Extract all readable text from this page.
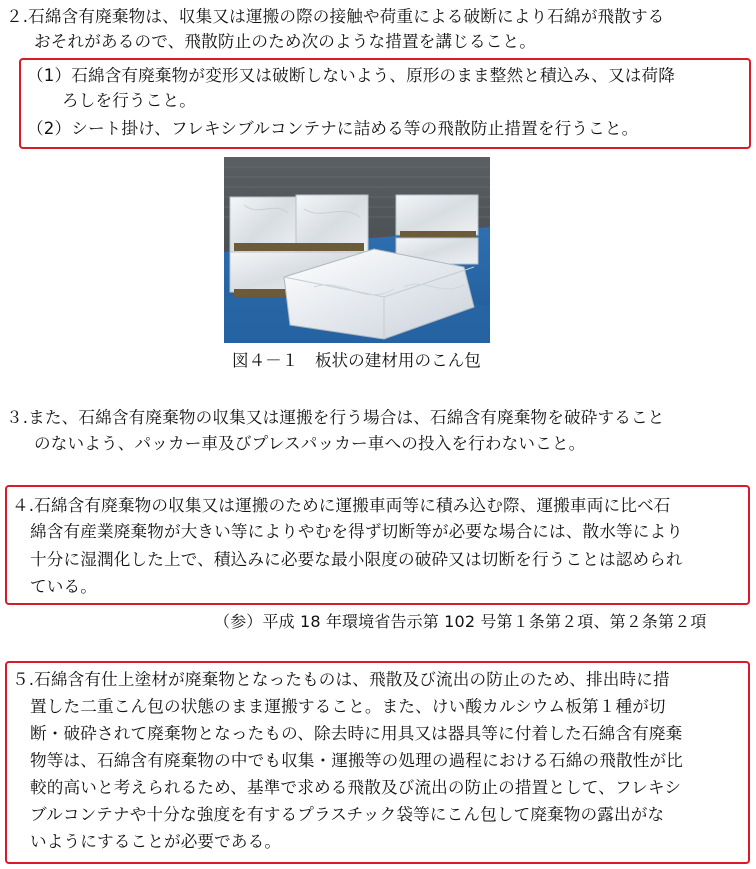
２.石綿含有廃棄物は、収集又は運搬の際の接触や荷重による破断により石綿が飛散する
おそれがあるので、飛散防止のため次のような措置を講じること。
（1）石綿含有廃棄物が変形又は破断しないよう、原形のまま整然と積込み、又は荷降
ろしを行うこと。
（2）シート掛け、フレキシブルコンテナに詰める等の飛散防止措置を行うこと。
図４－１　板状の建材用のこん包
３.また、石綿含有廃棄物の収集又は運搬を行う場合は、石綿含有廃棄物を破砕すること
のないよう、パッカー車及びプレスパッカー車への投入を行わないこと。
４.石綿含有廃棄物の収集又は運搬のために運搬車両等に積み込む際、運搬車両に比べ石
綿含有産業廃棄物が大きい等によりやむを得ず切断等が必要な場合には、散水等により
十分に湿潤化した上で、積込みに必要な最小限度の破砕又は切断を行うことは認められ
ている。
（参）平成 18 年環境省告示第 102 号第１条第２項、第２条第２項
５.石綿含有仕上塗材が廃棄物となったものは、飛散及び流出の防止のため、排出時に措
置した二重こん包の状態のまま運搬すること。また、けい酸カルシウム板第１種が切
断・破砕されて廃棄物となったもの、除去時に用具又は器具等に付着した石綿含有廃棄
物等は、石綿含有廃棄物の中でも収集・運搬等の処理の過程における石綿の飛散性が比
較的高いと考えられるため、基準で求める飛散及び流出の防止の措置として、フレキシ
ブルコンテナや十分な強度を有するプラスチック袋等にこん包して廃棄物の露出がな
いようにすることが必要である。
